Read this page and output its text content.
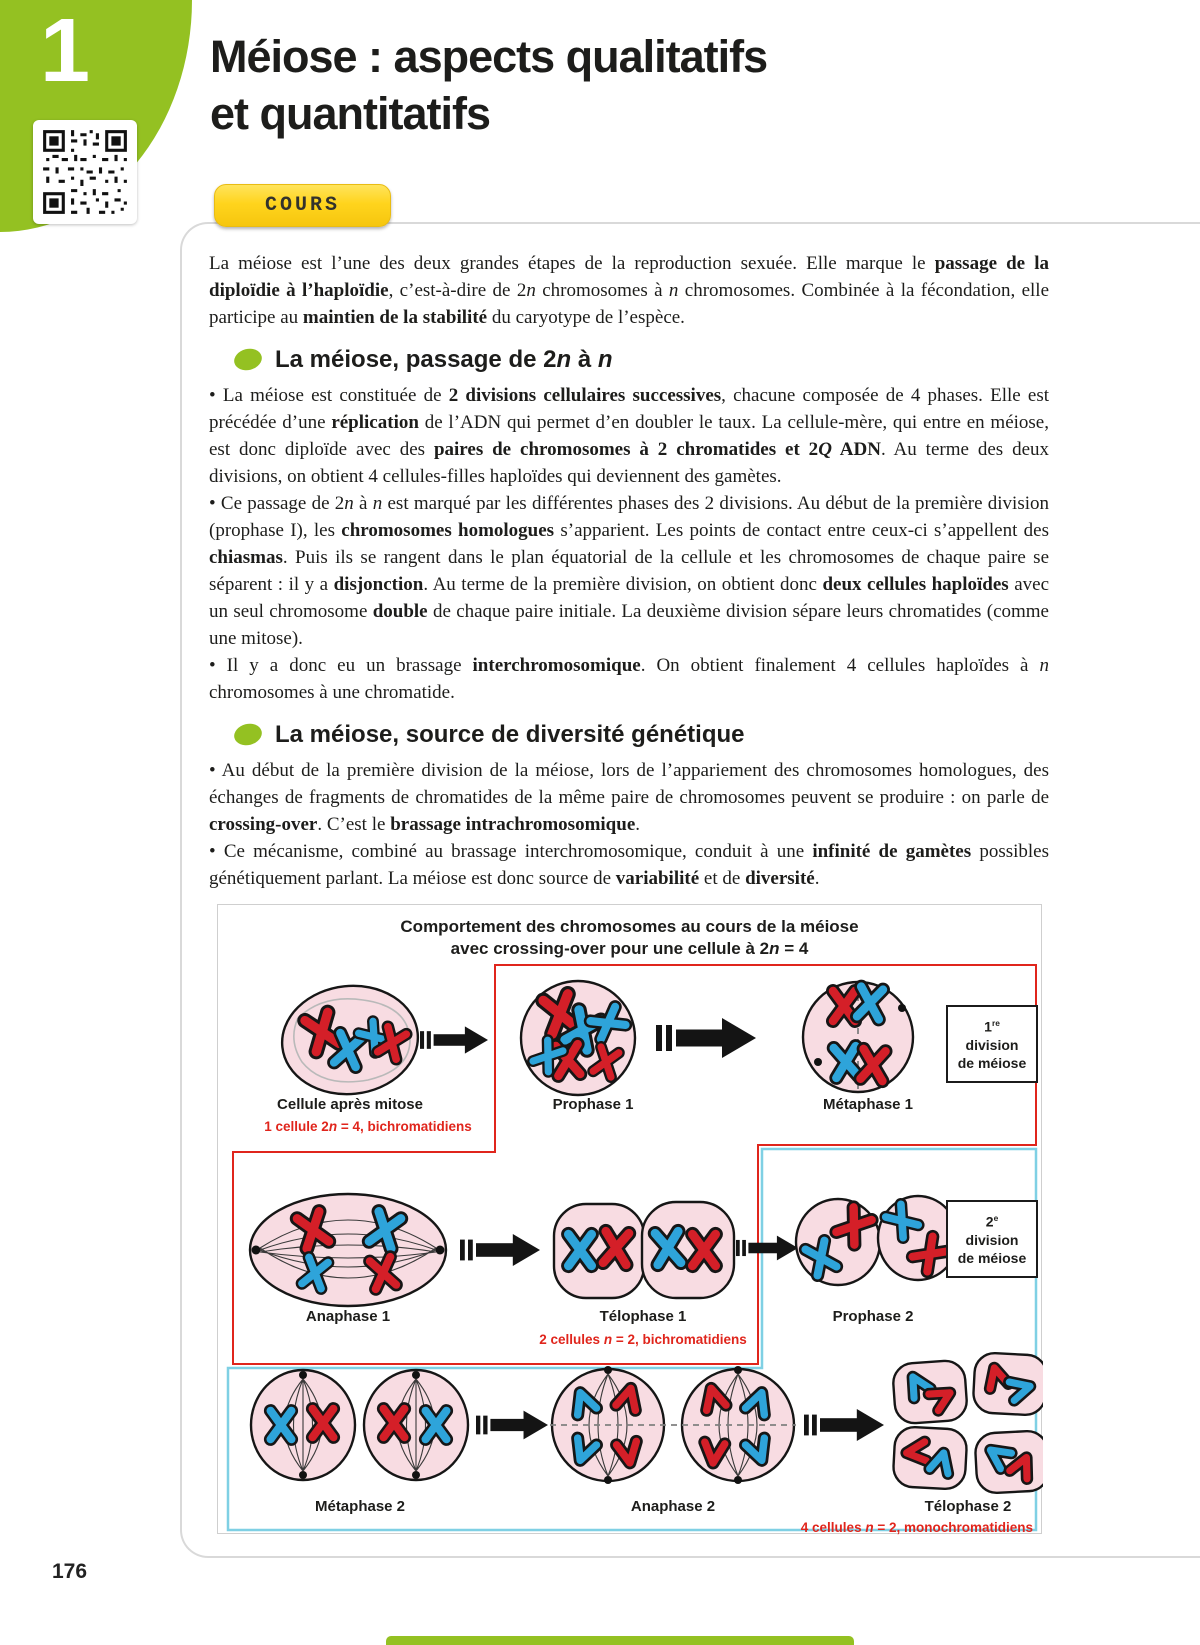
1	Méiose : aspects qualitatifs
et quantitatifs
COURS

La méiose est l’une des deux grandes étapes de la reproduction sexuée. Elle marque le passage de la diploïdie à l’haploïdie, c’est-à-dire de 2n chromosomes à n chromosomes. Combinée à la fécondation, elle participe au maintien de la stabilité du caryotype de l’espèce.

La méiose, passage de 2n à n

• La méiose est constituée de 2 divisions cellulaires successives, chacune composée de 4 phases. Elle est précédée d’une réplication de l’ADN qui permet d’en doubler le taux. La cellule-mère, qui entre en méiose, est donc diploïde avec des paires de chromosomes à 2 chromatides et 2Q ADN. Au terme des deux divisions, on obtient 4 cellules-filles haploïdes qui deviennent des gamètes.

• Ce passage de 2n à n est marqué par les différentes phases des 2 divisions. Au début de la première division (prophase I), les chromosomes homologues s’apparient. Les points de contact entre ceux-ci s’appellent des chiasmas. Puis ils se rangent dans le plan équatorial de la cellule et les chromosomes de chaque paire se séparent : il y a disjonction. Au terme de la première division, on obtient donc deux cellules haploïdes avec un seul chromosome double de chaque paire initiale. La deuxième division sépare leurs chromatides (comme une mitose).

• Il y a donc eu un brassage interchromosomique. On obtient finalement 4 cellules haploïdes à n chromosomes à une chromatide.

La méiose, source de diversité génétique

• Au début de la première division de la méiose, lors de l’appariement des chromosomes homologues, des échanges de fragments de chromatides de la même paire de chromosomes peuvent se produire : on parle de crossing-over. C’est le brassage intrachromosomique.

• Ce mécanisme, combiné au brassage interchromosomique, conduit à une infinité de gamètes possibles génétiquement parlant. La méiose est donc source de variabilité et de diversité.

Comportement des chromosomes au cours de la méiose
avec crossing-over pour une cellule à 2n = 4
Cellule après mitose	Prophase 1	Métaphase 1
1 cellule 2n = 4, bichromatidiens
Anaphase 1	Télophase 1	Prophase 2
2 cellules n = 2, bichromatidiens
Métaphase 2	Anaphase 2	Télophase 2
4 cellules n = 2, monochromatidiens
1re
division
de méiose
2e
division
de méiose
176
